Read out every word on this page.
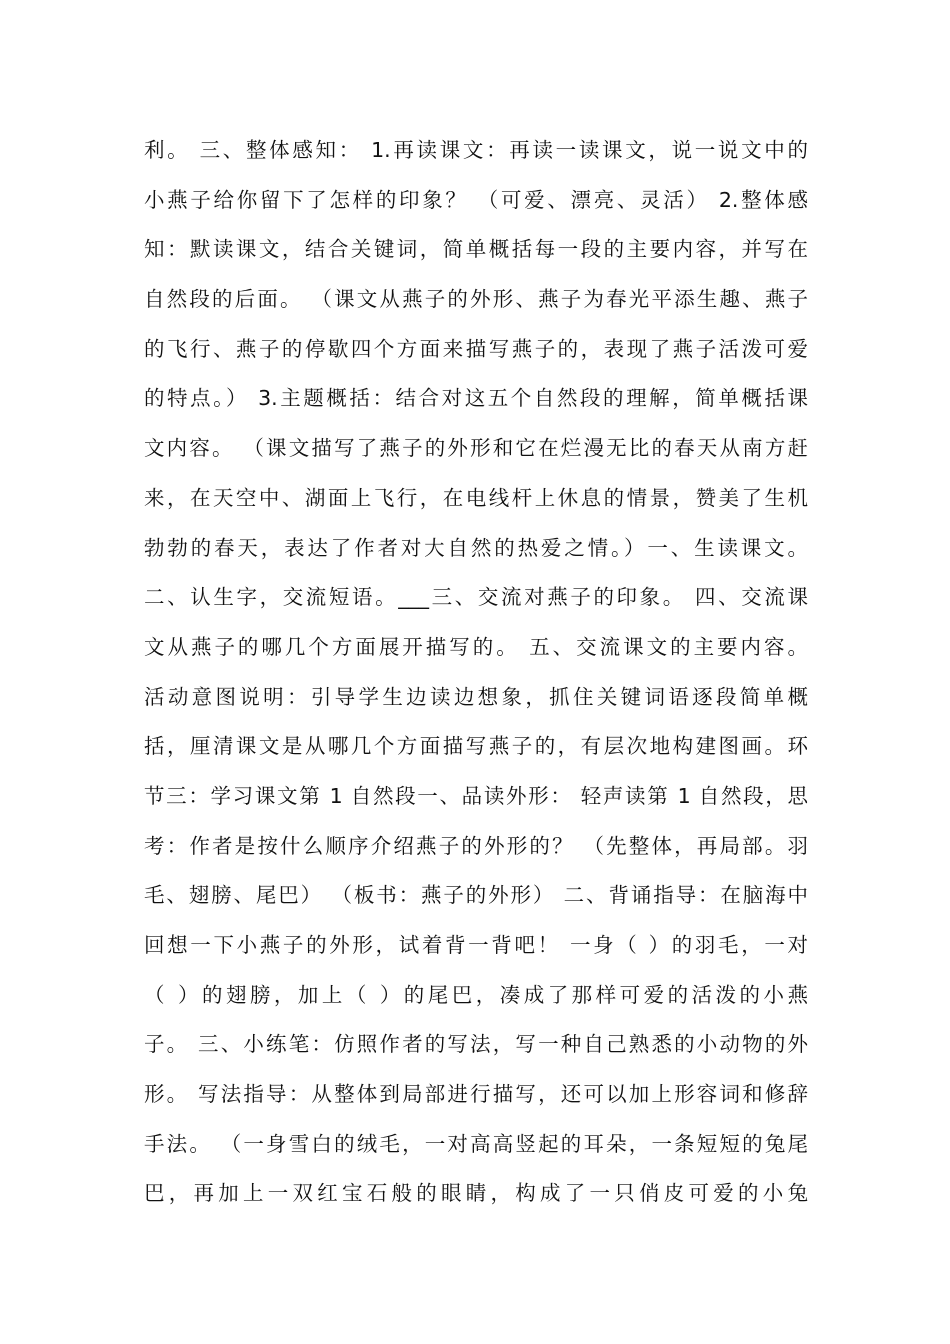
利。 三、整体感知： 1.再读课文：再读一读课文，说一说文中的
小燕子给你留下了怎样的印象？ （可爱、漂亮、灵活） 2.整体感
知：默读课文，结合关键词，简单概括每一段的主要内容，并写在
自然段的后面。 （课文从燕子的外形、燕子为春光平添生趣、燕子
的飞行、燕子的停歇四个方面来描写燕子的，表现了燕子活泼可爱
的特点。） 3.主题概括：结合对这五个自然段的理解，简单概括课
文内容。 （课文描写了燕子的外形和它在烂漫无比的春天从南方赶
来，在天空中、湖面上飞行，在电线杆上休息的情景，赞美了生机
勃勃的春天，表达了作者对大自然的热爱之情。）一、生读课文。
二、认生字，交流短语。___三、交流对燕子的印象。 四、交流课
文从燕子的哪几个方面展开描写的。 五、交流课文的主要内容。
活动意图说明：引导学生边读边想象，抓住关键词语逐段简单概
括，厘清课文是从哪几个方面描写燕子的，有层次地构建图画。环
节三：学习课文第 1 自然段一、品读外形： 轻声读第 1 自然段，思
考：作者是按什么顺序介绍燕子的外形的？ （先整体，再局部。羽
毛、翅膀、尾巴） （板书：燕子的外形） 二、背诵指导：在脑海中
回想一下小燕子的外形，试着背一背吧！ 一身（ ）的羽毛，一对
（ ）的翅膀，加上（ ）的尾巴，凑成了那样可爱的活泼的小燕
子。 三、小练笔：仿照作者的写法，写一种自己熟悉的小动物的外
形。 写法指导：从整体到局部进行描写，还可以加上形容词和修辞
手法。 （一身雪白的绒毛，一对高高竖起的耳朵，一条短短的兔尾
巴，再加上一双红宝石般的眼睛，构成了一只俏皮可爱的小兔
